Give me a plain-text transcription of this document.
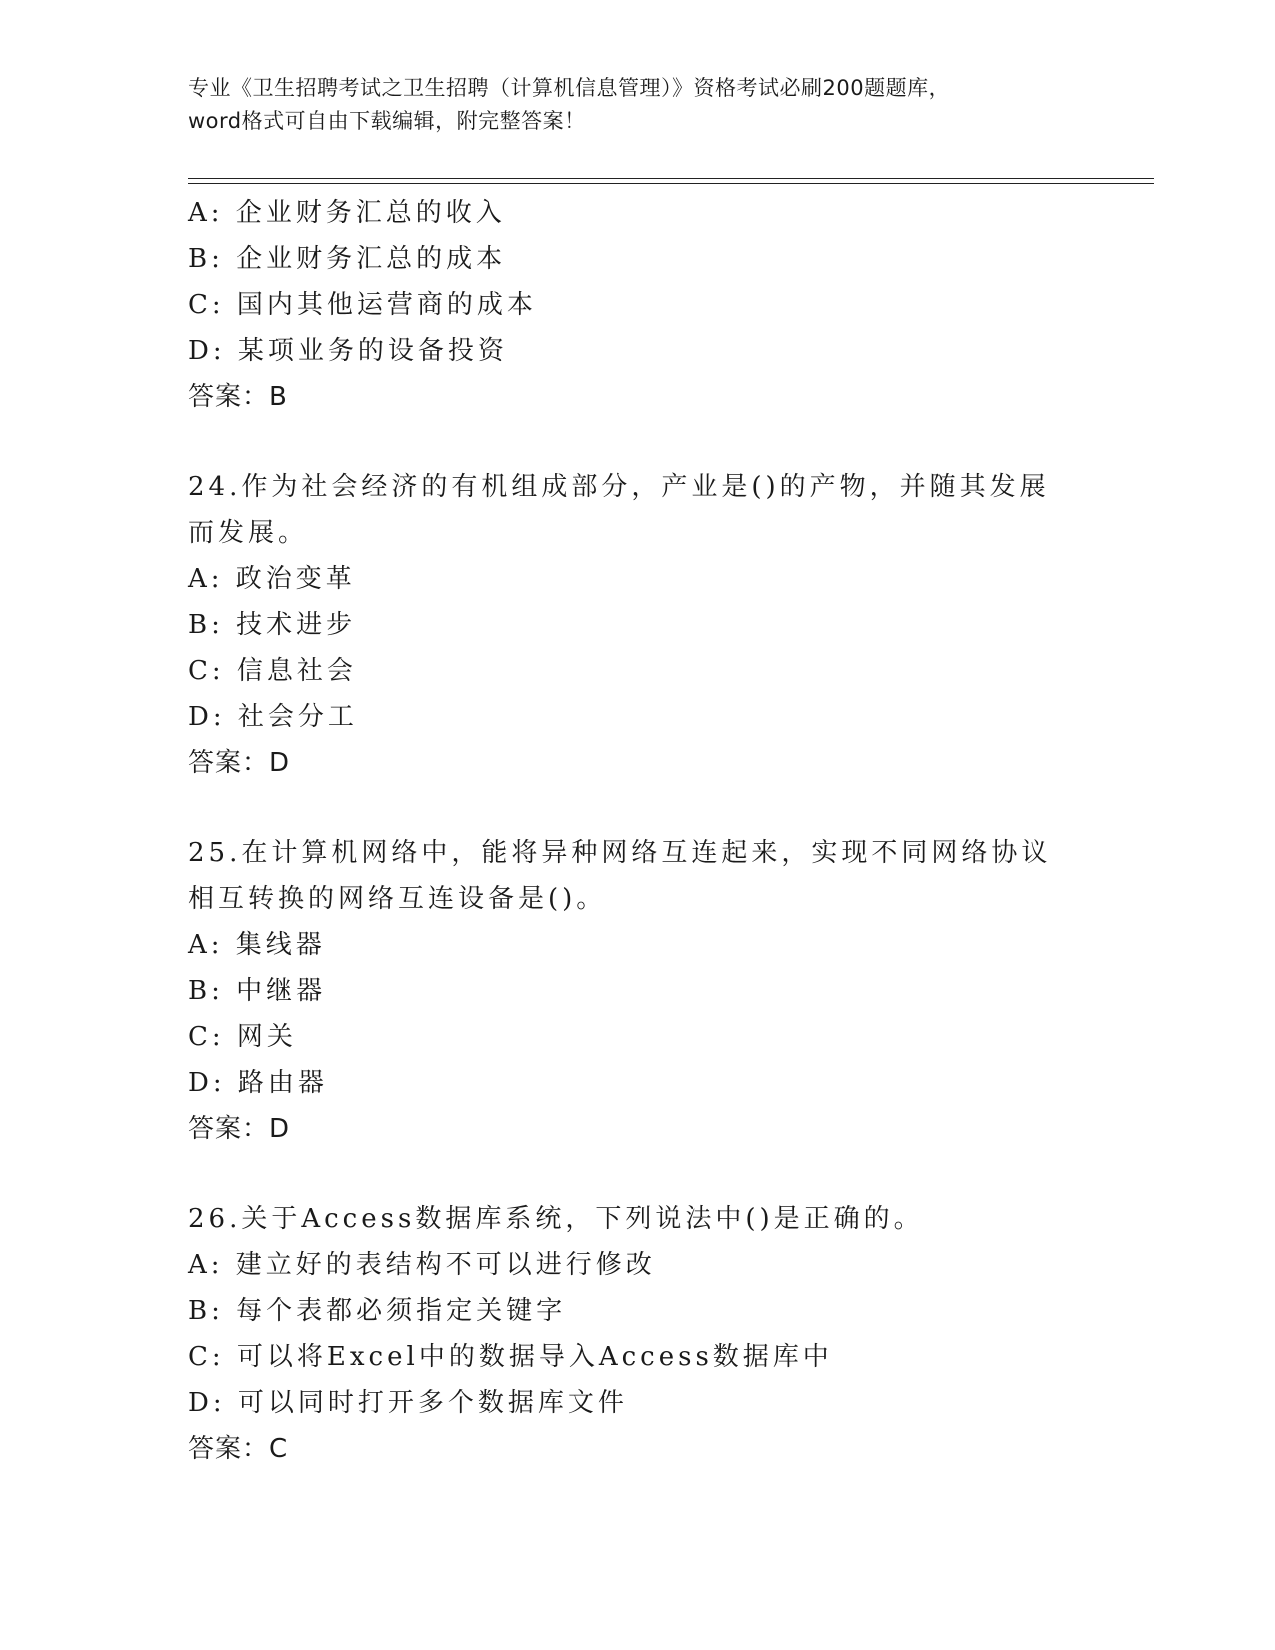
专业《卫生招聘考试之卫生招聘（计算机信息管理）》资格考试必刷200题题库，
word格式可自由下载编辑，附完整答案！
A: 企业财务汇总的收入
B: 企业财务汇总的成本
C: 国内其他运营商的成本
D: 某项业务的设备投资
答案：B
24.作为社会经济的有机组成部分，产业是()的产物，并随其发展而发展。
A: 政治变革
B: 技术进步
C: 信息社会
D: 社会分工
答案：D
25.在计算机网络中，能将异种网络互连起来，实现不同网络协议相互转换的网络互连设备是()。
A: 集线器
B: 中继器
C: 网关
D: 路由器
答案：D
26.关于Access数据库系统，下列说法中()是正确的。
A: 建立好的表结构不可以进行修改
B: 每个表都必须指定关键字
C: 可以将Excel中的数据导入Access数据库中
D: 可以同时打开多个数据库文件
答案：C
